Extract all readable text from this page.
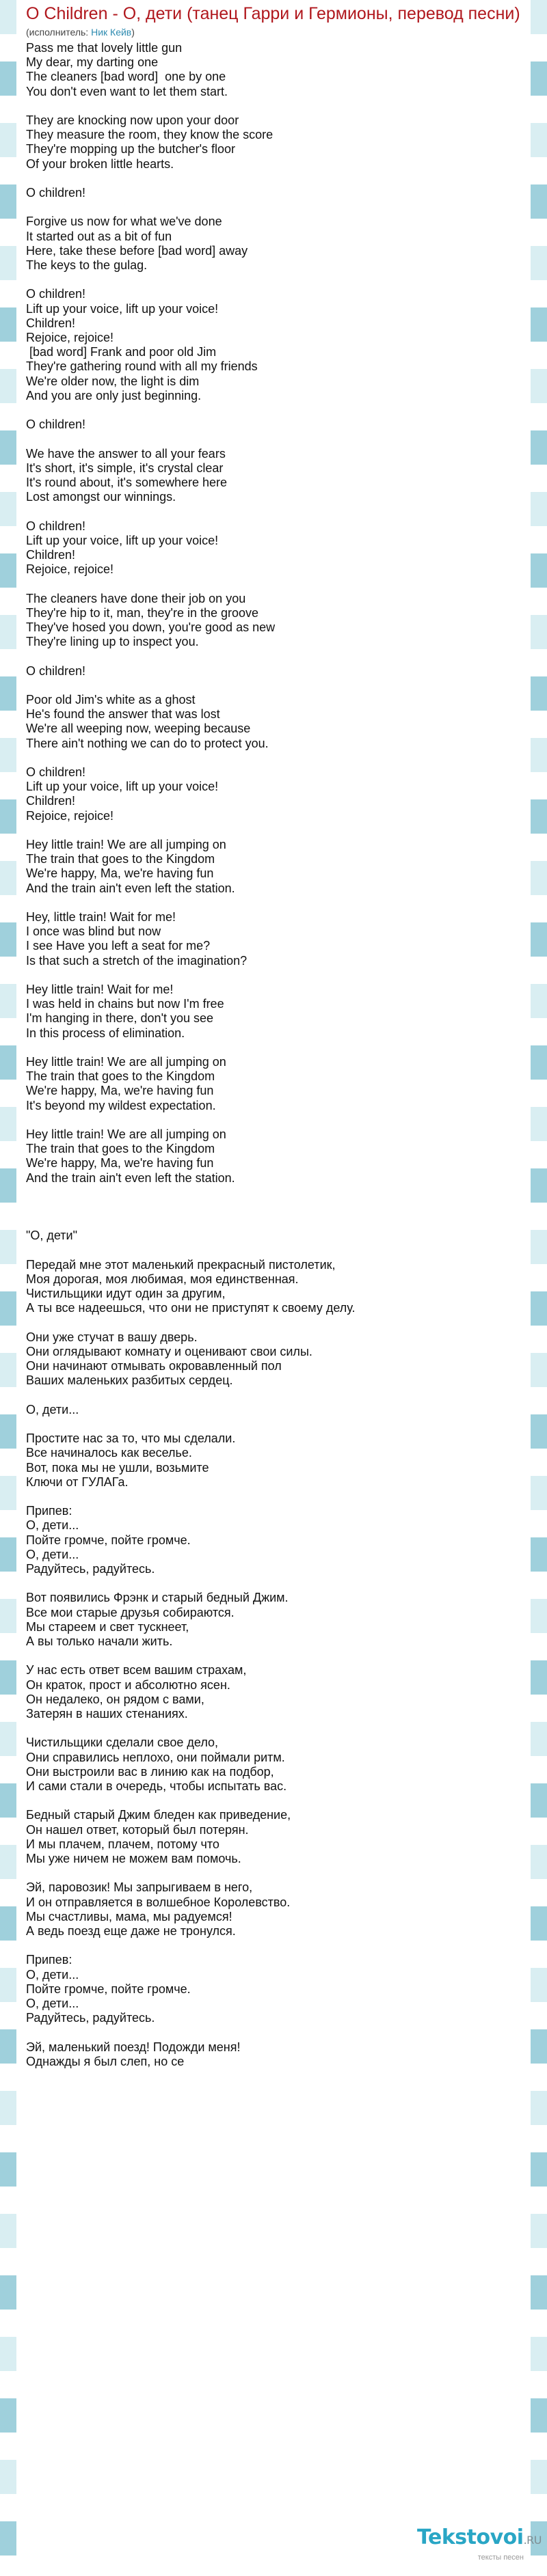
O Children - О, дети (танец Гарри и Гермионы, перевод песни)
(исполнитель: Ник Кейв)
Pass me that lovely little gun
My dear, my darting one
The cleaners [bad word]  one by one
You don't even want to let them start.
They are knocking now upon your door
They measure the room, they know the score
They're mopping up the butcher's floor
Of your broken little hearts.
O children!
Forgive us now for what we've done
It started out as a bit of fun
Here, take these before [bad word] away
The keys to the gulag.
O children!
Lift up your voice, lift up your voice!
Children!
Rejoice, rejoice!
[bad word] Frank and poor old Jim
They're gathering round with all my friends
We're older now, the light is dim
And you are only just beginning.
O children!
We have the answer to all your fears
It's short, it's simple, it's crystal clear
It's round about, it's somewhere here
Lost amongst our winnings.
O children!
Lift up your voice, lift up your voice!
Children!
Rejoice, rejoice!
The cleaners have done their job on you
They're hip to it, man, they're in the groove
They've hosed you down, you're good as new
They're lining up to inspect you.
O children!
Poor old Jim's white as a ghost
He's found the answer that was lost
We're all weeping now, weeping because
There ain't nothing we can do to protect you.
O children!
Lift up your voice, lift up your voice!
Children!
Rejoice, rejoice!
Hey little train! We are all jumping on
The train that goes to the Kingdom
We're happy, Ma, we're having fun
And the train ain't even left the station.
Hey, little train! Wait for me!
I once was blind but now
I see Have you left a seat for me?
Is that such a stretch of the imagination?
Hey little train! Wait for me!
I was held in chains but now I'm free
I'm hanging in there, don't you see
In this process of elimination.
Hey little train! We are all jumping on
The train that goes to the Kingdom
We're happy, Ma, we're having fun
It's beyond my wildest expectation.
Hey little train! We are all jumping on
The train that goes to the Kingdom
We're happy, Ma, we're having fun
And the train ain't even left the station.
"О, дети"
Передай мне этот маленький прекрасный пистолетик,
Моя дорогая, моя любимая, моя единственная.
Чистильщики идут один за другим,
А ты все надеешься, что они не приступят к своему делу.
Они уже стучат в вашу дверь.
Они оглядывают комнату и оценивают свои силы.
Они начинают отмывать окровавленный пол
Ваших маленьких разбитых сердец.
О, дети...
Простите нас за то, что мы сделали.
Все начиналось как веселье.
Вот, пока мы не ушли, возьмите
Ключи от ГУЛАГа.
Припев:
О, дети...
Пойте громче, пойте громче.
О, дети...
Радуйтесь, радуйтесь.
Вот появились Фрэнк и старый бедный Джим.
Все мои старые друзья собираются.
Мы стареем и свет тускнеет,
А вы только начали жить.
У нас есть ответ всем вашим страхам,
Он краток, прост и абсолютно ясен.
Он недалеко, он рядом с вами,
Затерян в наших стенаниях.
Чистильщики сделали свое дело,
Они справились неплохо, они поймали ритм.
Они выстроили вас в линию как на подбор,
И сами стали в очередь, чтобы испытать вас.
Бедный старый Джим бледен как приведение,
Он нашел ответ, который был потерян.
И мы плачем, плачем, потому что
Мы уже ничем не можем вам помочь.
Эй, паровозик! Мы запрыгиваем в него,
И он отправляется в волшебное Королевство.
Мы счастливы, мама, мы радуемся!
А ведь поезд еще даже не тронулся.
Припев:
О, дети...
Пойте громче, пойте громче.
О, дети...
Радуйтесь, радуйтесь.
Эй, маленький поезд! Подожди меня!
Однажды я был слеп, но се
Tekstovoi.RU
тексты песен
